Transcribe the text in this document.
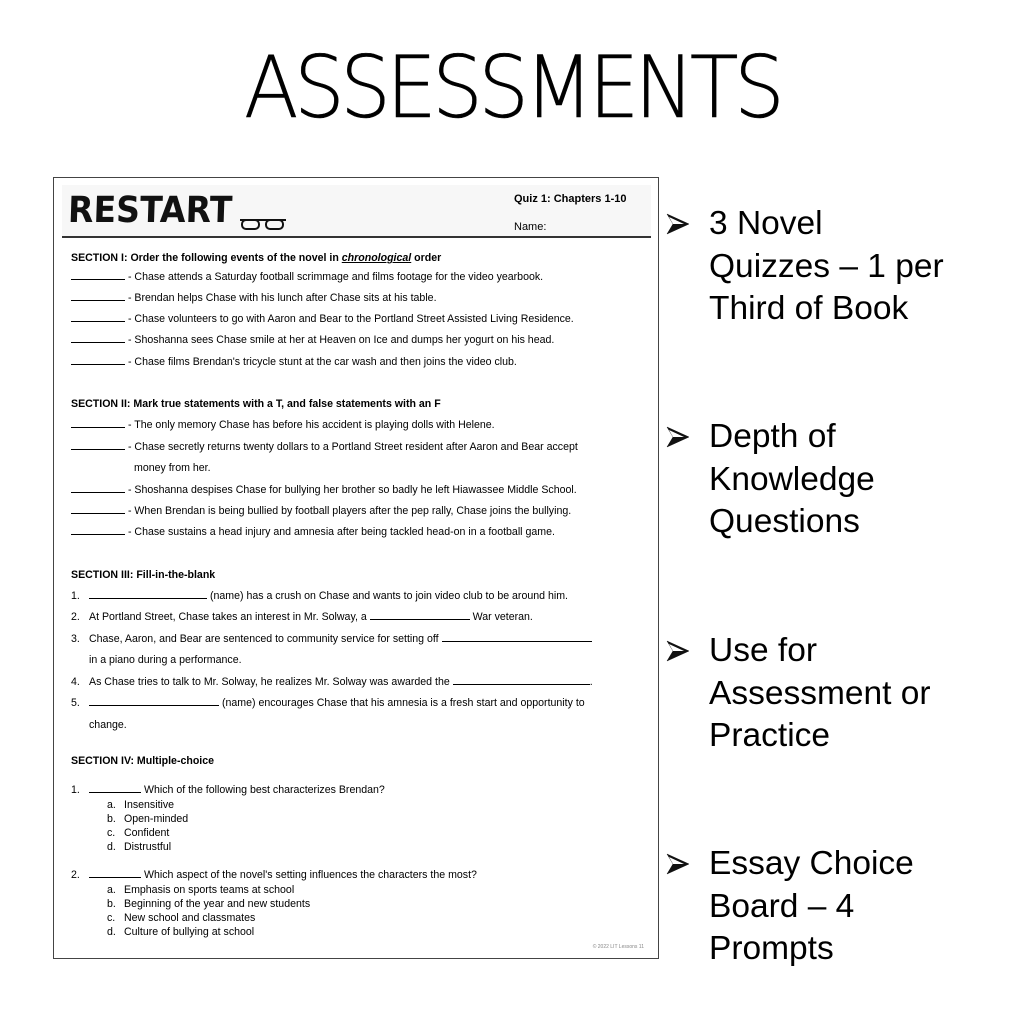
ASSESSMENTS
RESTART	Quiz 1: Chapters 1-10
Name:
SECTION I: Order the following events of the novel in chronological order
- Chase attends a Saturday football scrimmage and films footage for the video yearbook.
- Brendan helps Chase with his lunch after Chase sits at his table.
- Chase volunteers to go with Aaron and Bear to the Portland Street Assisted Living Residence.
- Shoshanna sees Chase smile at her at Heaven on Ice and dumps her yogurt on his head.
- Chase films Brendan's tricycle stunt at the car wash and then joins the video club.
SECTION II: Mark true statements with a T, and false statements with an F
- The only memory Chase has before his accident is playing dolls with Helene.
- Chase secretly returns twenty dollars to a Portland Street resident after Aaron and Bear accept
money from her.
- Shoshanna despises Chase for bullying her brother so badly he left Hiawassee Middle School.
- When Brendan is being bullied by football players after the pep rally, Chase joins the bullying.
- Chase sustains a head injury and amnesia after being tackled head-on in a football game.
SECTION III: Fill-in-the-blank
1.	(name) has a crush on Chase and wants to join video club to be around him.
2. At Portland Street, Chase takes an interest in Mr. Solway, a	War veteran.
3. Chase, Aaron, and Bear are sentenced to community service for setting off
in a piano during a performance.
4. As Chase tries to talk to Mr. Solway, he realizes Mr. Solway was awarded the	.
5.	(name) encourages Chase that his amnesia is a fresh start and opportunity to
change.
SECTION IV: Multiple-choice
1.	Which of the following best characterizes Brendan?
a. Insensitive
b. Open-minded
c. Confident
d. Distrustful
2.	Which aspect of the novel's setting influences the characters the most?
a. Emphasis on sports teams at school
b. Beginning of the year and new students
c. New school and classmates
d. Culture of bullying at school
© 2022 LIT Lessons 11
3 Novel
Quizzes – 1 per
Third of Book
Depth of
Knowledge
Questions
Use for
Assessment or
Practice
Essay Choice
Board – 4
Prompts
